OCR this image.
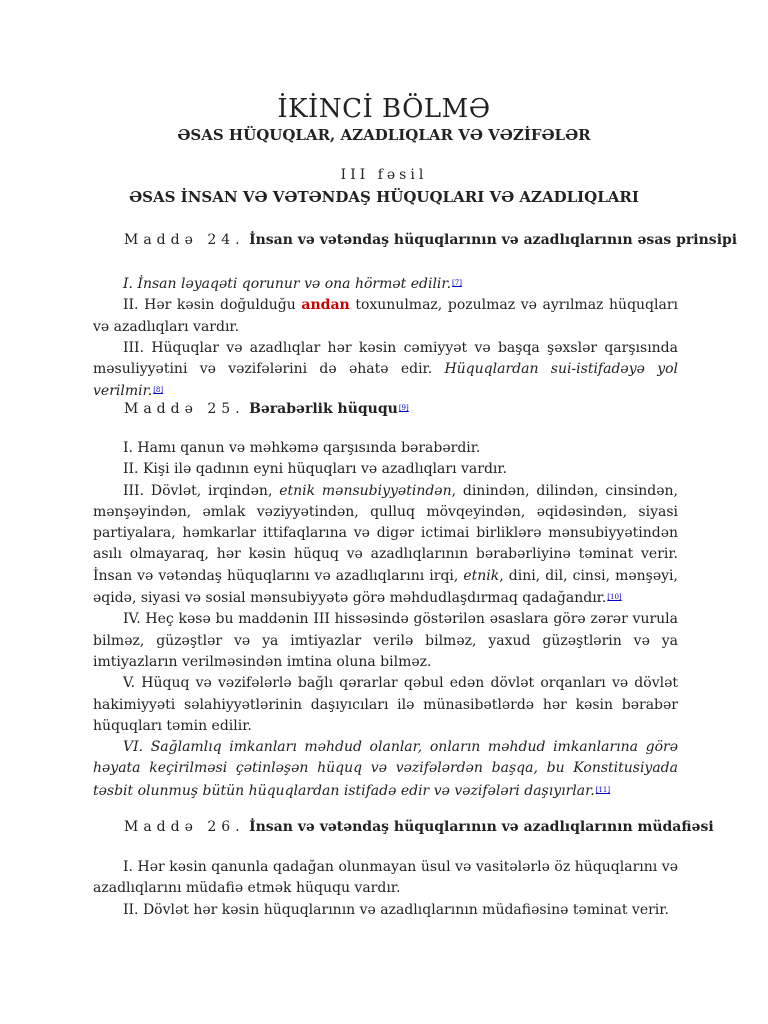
İKİNCİ BÖLMƏ
ƏSAS HÜQUQLAR, AZADLIQLAR VƏ VƏZİFƏLƏR
III fəsil
ƏSAS İNSAN VƏ VƏTƏNDAŞ HÜQUQLARI VƏ AZADLIQLARI
Maddə 24. İnsan və vətəndaş hüquqlarının və azadlıqlarının əsas prinsipi

I. İnsan ləyaqəti qorunur və ona hörmət edilir.[7]

II. Hər kəsin doğulduğu andan toxunulmaz, pozulmaz və ayrılmaz hüquqları və azadlıqları vardır.

III. Hüquqlar və azadlıqlar hər kəsin cəmiyyət və başqa şəxslər qarşısında məsuliyyətini və vəzifələrini də əhatə edir. Hüquqlardan sui-istifadəyə yol verilmir.[8]

Maddə 25. Bərabərlik hüququ[9]

I. Hamı qanun və məhkəmə qarşısında bərabərdir.

II. Kişi ilə qadının eyni hüquqları və azadlıqları vardır.

III. Dövlət, irqindən, etnik mənsubiyyətindən, dinindən, dilindən, cinsindən, mənşəyindən, əmlak vəziyyətindən, qulluq mövqeyindən, əqidəsindən, siyasi partiyalara, həmkarlar ittifaqlarına və digər ictimai birliklərə mənsubiyyətindən asılı olmayaraq, hər kəsin hüquq və azadlıqlarının bərabərliyinə təminat verir. İnsan və vətəndaş hüquqlarını və azadlıqlarını irqi, etnik, dini, dil, cinsi, mənşəyi, əqidə, siyasi və sosial mənsubiyyətə görə məhdudlaşdırmaq qadağandır.[10]

IV. Heç kəsə bu maddənin III hissəsində göstərilən əsaslara görə zərər vurula bilməz, güzəştlər və ya imtiyazlar verilə bilməz, yaxud güzəştlərin və ya imtiyazların verilməsindən imtina oluna bilməz.

V. Hüquq və vəzifələrlə bağlı qərarlar qəbul edən dövlət orqanları və dövlət hakimiyyəti səlahiyyətlərinin daşıyıcıları ilə münasibətlərdə hər kəsin bərabər hüquqları təmin edilir.

VI. Sağlamlıq imkanları məhdud olanlar, onların məhdud imkanlarına görə həyata keçirilməsi çətinləşən hüquq və vəzifələrdən başqa, bu Konstitusiyada təsbit olunmuş bütün hüquqlardan istifadə edir və vəzifələri daşıyırlar.[11]

Maddə 26. İnsan və vətəndaş hüquqlarının və azadlıqlarının müdafiəsi

I. Hər kəsin qanunla qadağan olunmayan üsul və vasitələrlə öz hüquqlarını və azadlıqlarını müdafiə etmək hüququ vardır.

II. Dövlət hər kəsin hüquqlarının və azadlıqlarının müdafiəsinə təminat verir.
